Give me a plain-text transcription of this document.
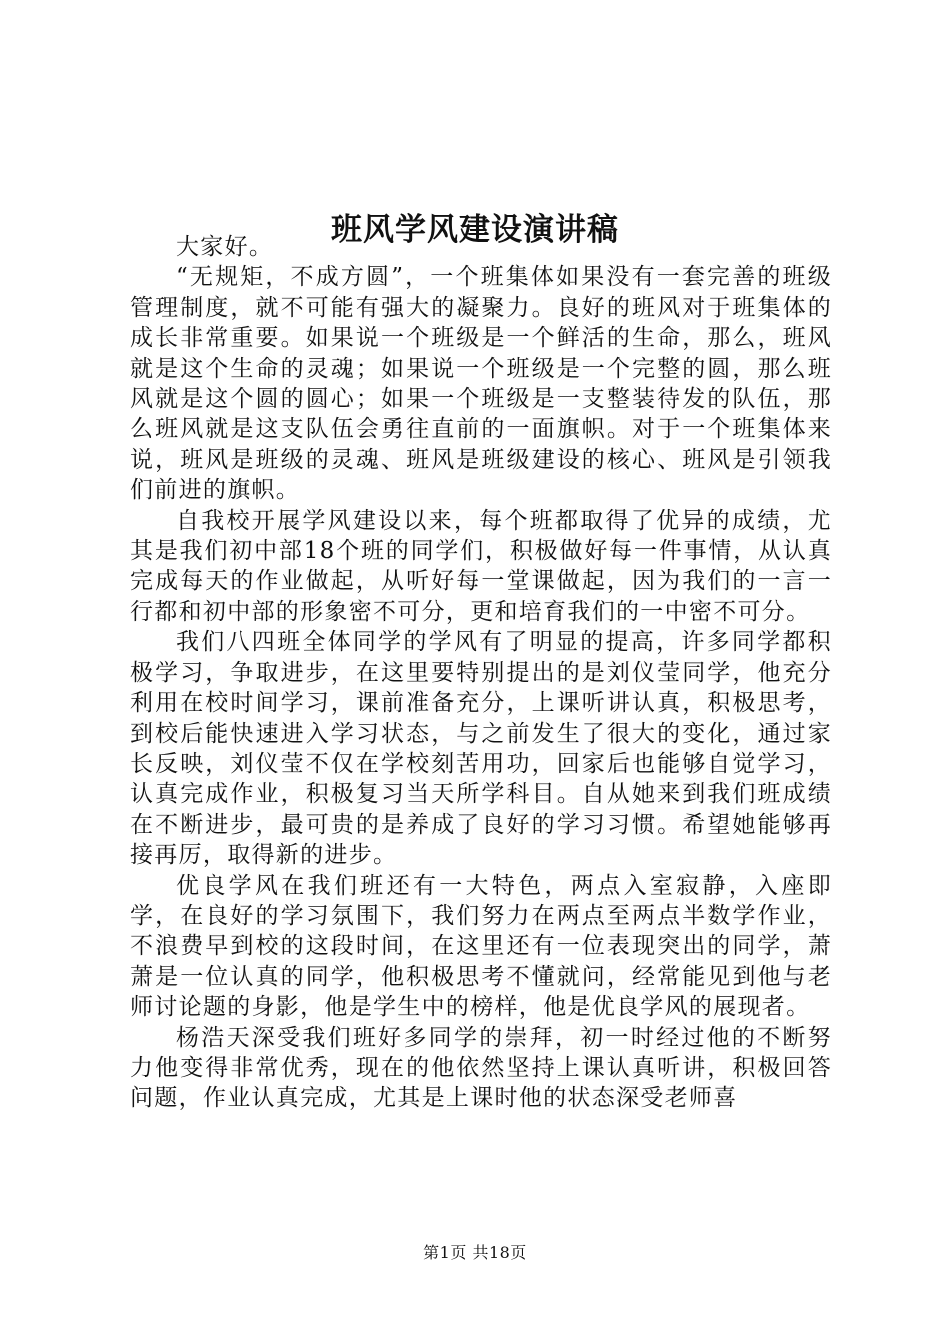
班风学风建设演讲稿

大家好。

“无规矩，不成方圆”，一个班集体如果没有一套完善的班级管理制度，就不可能有强大的凝聚力。良好的班风对于班集体的成长非常重要。如果说一个班级是一个鲜活的生命，那么，班风就是这个生命的灵魂；如果说一个班级是一个完整的圆，那么班风就是这个圆的圆心；如果一个班级是一支整装待发的队伍，那么班风就是这支队伍会勇往直前的一面旗帜。对于一个班集体来说，班风是班级的灵魂、班风是班级建设的核心、班风是引领我们前进的旗帜。

自我校开展学风建设以来，每个班都取得了优异的成绩，尤其是我们初中部18个班的同学们，积极做好每一件事情，从认真完成每天的作业做起，从听好每一堂课做起，因为我们的一言一行都和初中部的形象密不可分，更和培育我们的一中密不可分。

我们八四班全体同学的学风有了明显的提高，许多同学都积极学习，争取进步，在这里要特别提出的是刘仪莹同学，他充分利用在校时间学习，课前准备充分，上课听讲认真，积极思考，到校后能快速进入学习状态，与之前发生了很大的变化，通过家长反映，刘仪莹不仅在学校刻苦用功，回家后也能够自觉学习，认真完成作业，积极复习当天所学科目。自从她来到我们班成绩在不断进步，最可贵的是养成了良好的学习习惯。希望她能够再接再厉，取得新的进步。

优良学风在我们班还有一大特色，两点入室寂静，入座即学，在良好的学习氛围下，我们努力在两点至两点半数学作业，不浪费早到校的这段时间，在这里还有一位表现突出的同学，萧萧是一位认真的同学，他积极思考不懂就问，经常能见到他与老师讨论题的身影，他是学生中的榜样，他是优良学风的展现者。

杨浩天深受我们班好多同学的崇拜，初一时经过他的不断努力他变得非常优秀，现在的他依然坚持上课认真听讲，积极回答问题，作业认真完成，尤其是上课时他的状态深受老师喜

第1页 共18页
